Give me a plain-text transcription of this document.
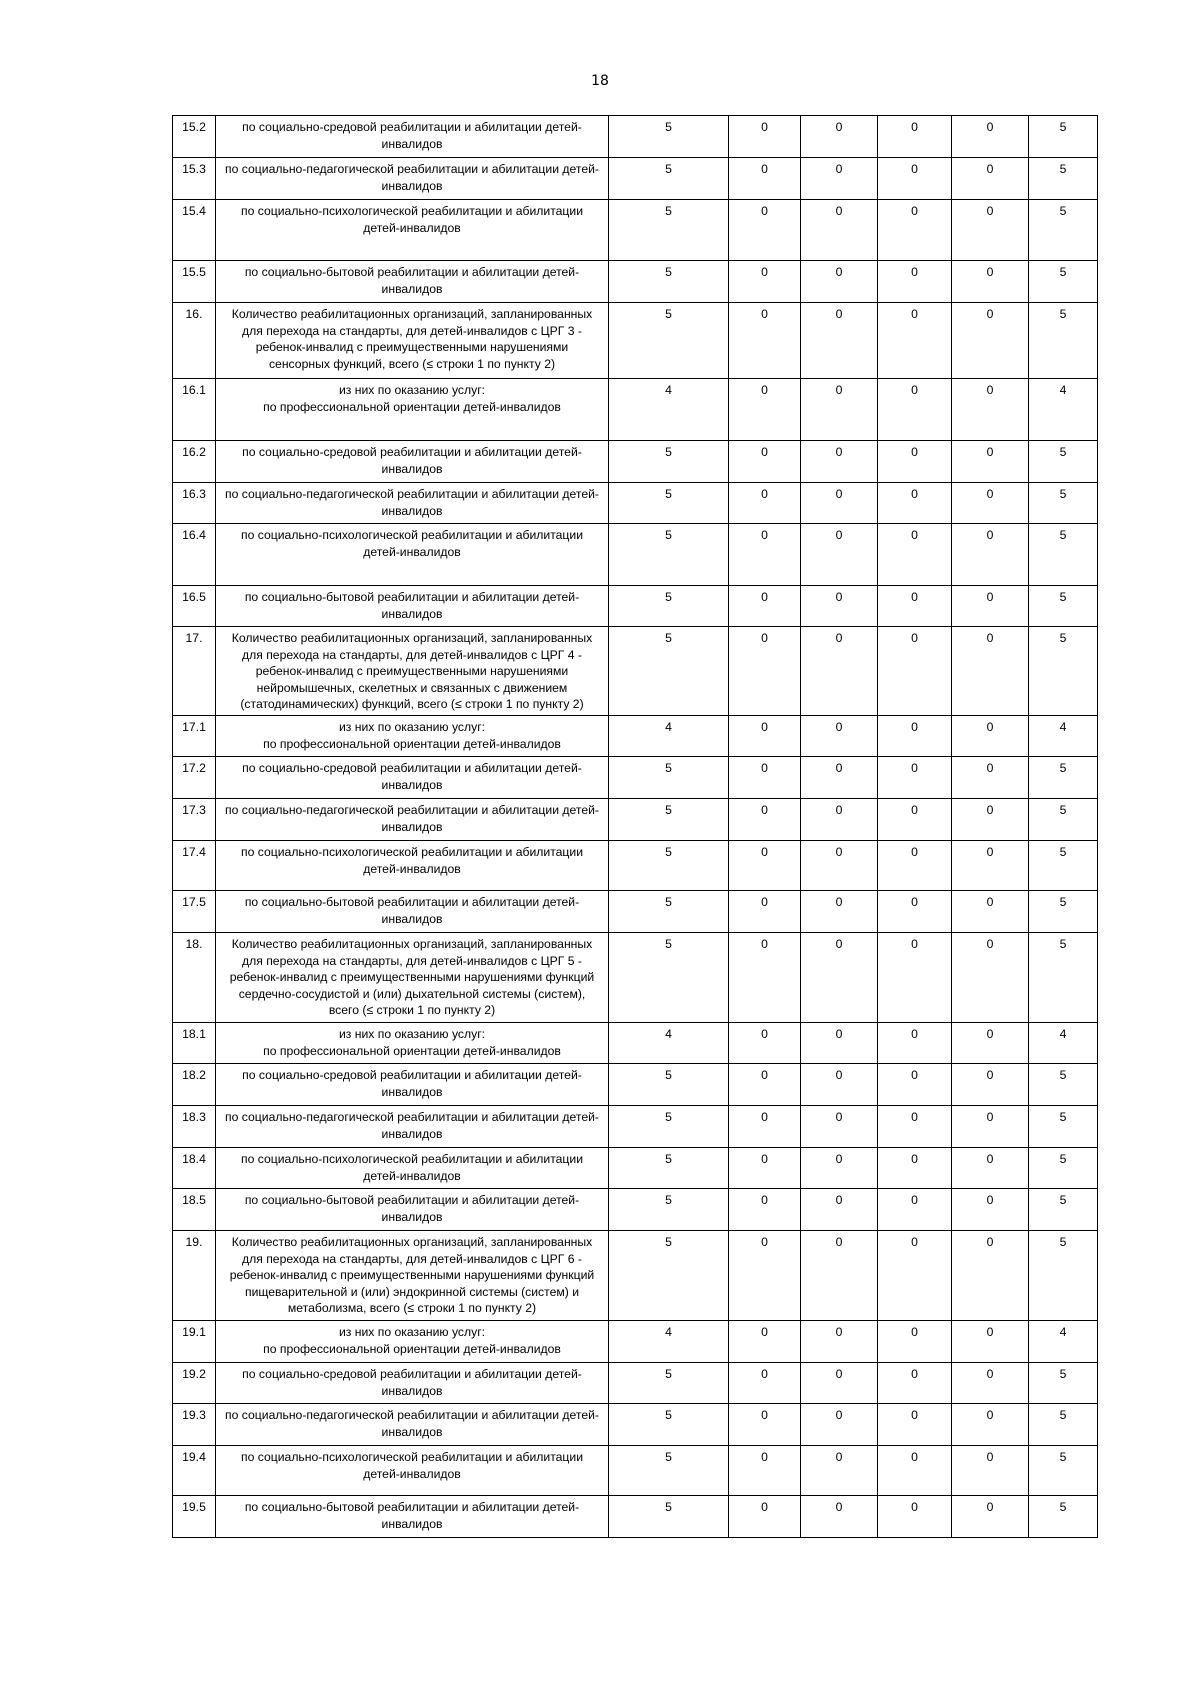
18
15.2	по социально-средовой реабилитации и абилитации детей-
инвалидов	5	0	0	0	0	5
15.3	по социально-педагогической реабилитации и абилитации детей-
инвалидов	5	0	0	0	0	5
15.4	по социально-психологической реабилитации и абилитации
детей-инвалидов	5	0	0	0	0	5
15.5	по социально-бытовой реабилитации и абилитации детей-
инвалидов	5	0	0	0	0	5
16.	Количество реабилитационных организаций, запланированных
для перехода на стандарты, для детей-инвалидов с ЦРГ 3 -
ребенок-инвалид с преимущественными нарушениями
сенсорных функций, всего (≤ строки 1 по пункту 2)	5	0	0	0	0	5
16.1	из них по оказанию услуг:
по профессиональной ориентации детей-инвалидов	4	0	0	0	0	4
16.2	по социально-средовой реабилитации и абилитации детей-
инвалидов	5	0	0	0	0	5
16.3	по социально-педагогической реабилитации и абилитации детей-
инвалидов	5	0	0	0	0	5
16.4	по социально-психологической реабилитации и абилитации
детей-инвалидов	5	0	0	0	0	5
16.5	по социально-бытовой реабилитации и абилитации детей-
инвалидов	5	0	0	0	0	5
17.	Количество реабилитационных организаций, запланированных
для перехода на стандарты, для детей-инвалидов с ЦРГ 4 -
ребенок-инвалид с преимущественными нарушениями
нейромышечных, скелетных и связанных с движением
(статодинамических) функций, всего (≤ строки 1 по пункту 2)	5	0	0	0	0	5
17.1	из них по оказанию услуг:
по профессиональной ориентации детей-инвалидов	4	0	0	0	0	4
17.2	по социально-средовой реабилитации и абилитации детей-
инвалидов	5	0	0	0	0	5
17.3	по социально-педагогической реабилитации и абилитации детей-
инвалидов	5	0	0	0	0	5
17.4	по социально-психологической реабилитации и абилитации
детей-инвалидов	5	0	0	0	0	5
17.5	по социально-бытовой реабилитации и абилитации детей-
инвалидов	5	0	0	0	0	5
18.	Количество реабилитационных организаций, запланированных
для перехода на стандарты, для детей-инвалидов с ЦРГ 5 -
ребенок-инвалид с преимущественными нарушениями функций
сердечно-сосудистой и (или) дыхательной системы (систем),
всего (≤ строки 1 по пункту 2)	5	0	0	0	0	5
18.1	из них по оказанию услуг:
по профессиональной ориентации детей-инвалидов	4	0	0	0	0	4
18.2	по социально-средовой реабилитации и абилитации детей-
инвалидов	5	0	0	0	0	5
18.3	по социально-педагогической реабилитации и абилитации детей-
инвалидов	5	0	0	0	0	5
18.4	по социально-психологической реабилитации и абилитации
детей-инвалидов	5	0	0	0	0	5
18.5	по социально-бытовой реабилитации и абилитации детей-
инвалидов	5	0	0	0	0	5
19.	Количество реабилитационных организаций, запланированных
для перехода на стандарты, для детей-инвалидов с ЦРГ 6 -
ребенок-инвалид с преимущественными нарушениями функций
пищеварительной и (или) эндокринной системы (систем) и
метаболизма, всего (≤ строки 1 по пункту 2)	5	0	0	0	0	5
19.1	из них по оказанию услуг:
по профессиональной ориентации детей-инвалидов	4	0	0	0	0	4
19.2	по социально-средовой реабилитации и абилитации детей-
инвалидов	5	0	0	0	0	5
19.3	по социально-педагогической реабилитации и абилитации детей-
инвалидов	5	0	0	0	0	5
19.4	по социально-психологической реабилитации и абилитации
детей-инвалидов	5	0	0	0	0	5
19.5	по социально-бытовой реабилитации и абилитации детей-
инвалидов	5	0	0	0	0	5
